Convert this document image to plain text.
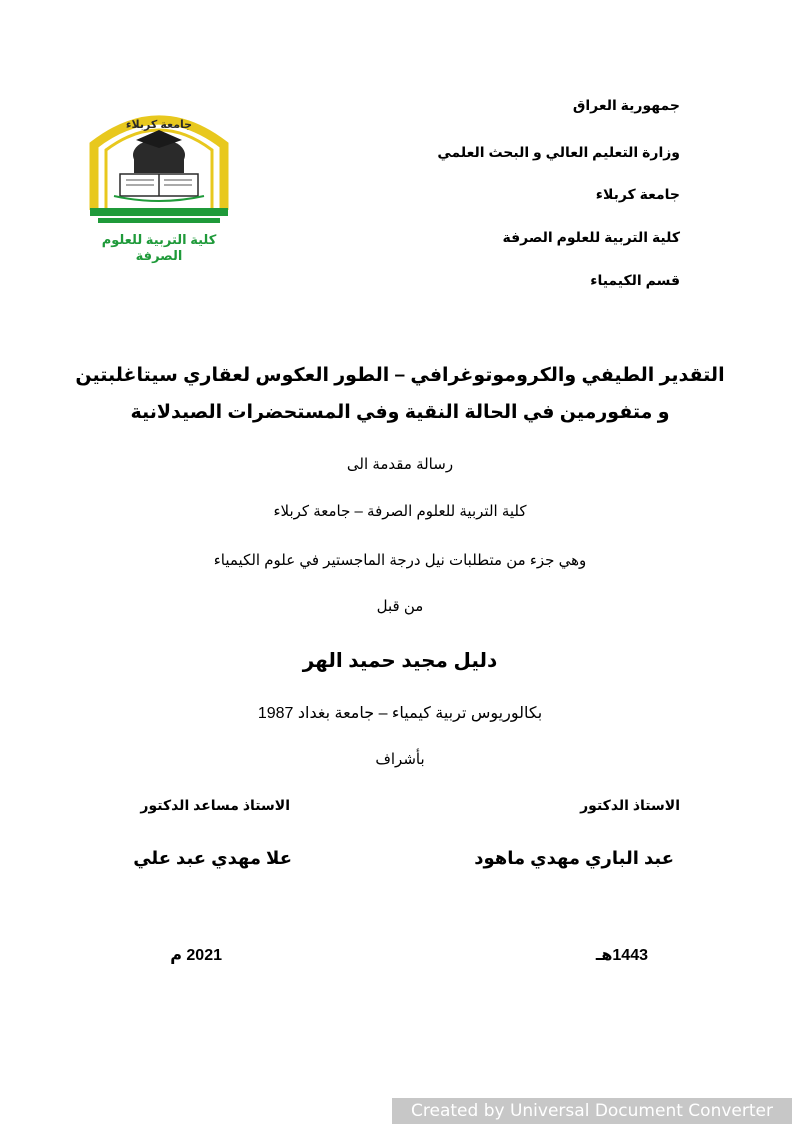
جامعة كربلاء
كلية التربية للعلوم الصرفة
جمهورية العراق
وزارة التعليم العالي و البحث العلمي
جامعة كربلاء
كلية التربية للعلوم الصرفة
قسم الكيمياء
التقدير الطيفي والكروموتوغرافي – الطور العكوس لعقاري سيتاغلبتين
و متفورمين في الحالة النقية وفي المستحضرات الصيدلانية
رسالة مقدمة الى
كلية التربية للعلوم الصرفة – جامعة كربلاء
وهي جزء من متطلبات نيل درجة الماجستير في علوم الكيمياء
من قبل
دليل مجيد حميد الهر
بكالوريوس تربية كيمياء – جامعة بغداد 1987
بأشراف
الاستاذ الدكتور
الاستاذ مساعد الدكتور
عبد الباري مهدي ماهود
علا مهدي عبد علي
1443هـ
2021 م
Created by Universal Document Converter
